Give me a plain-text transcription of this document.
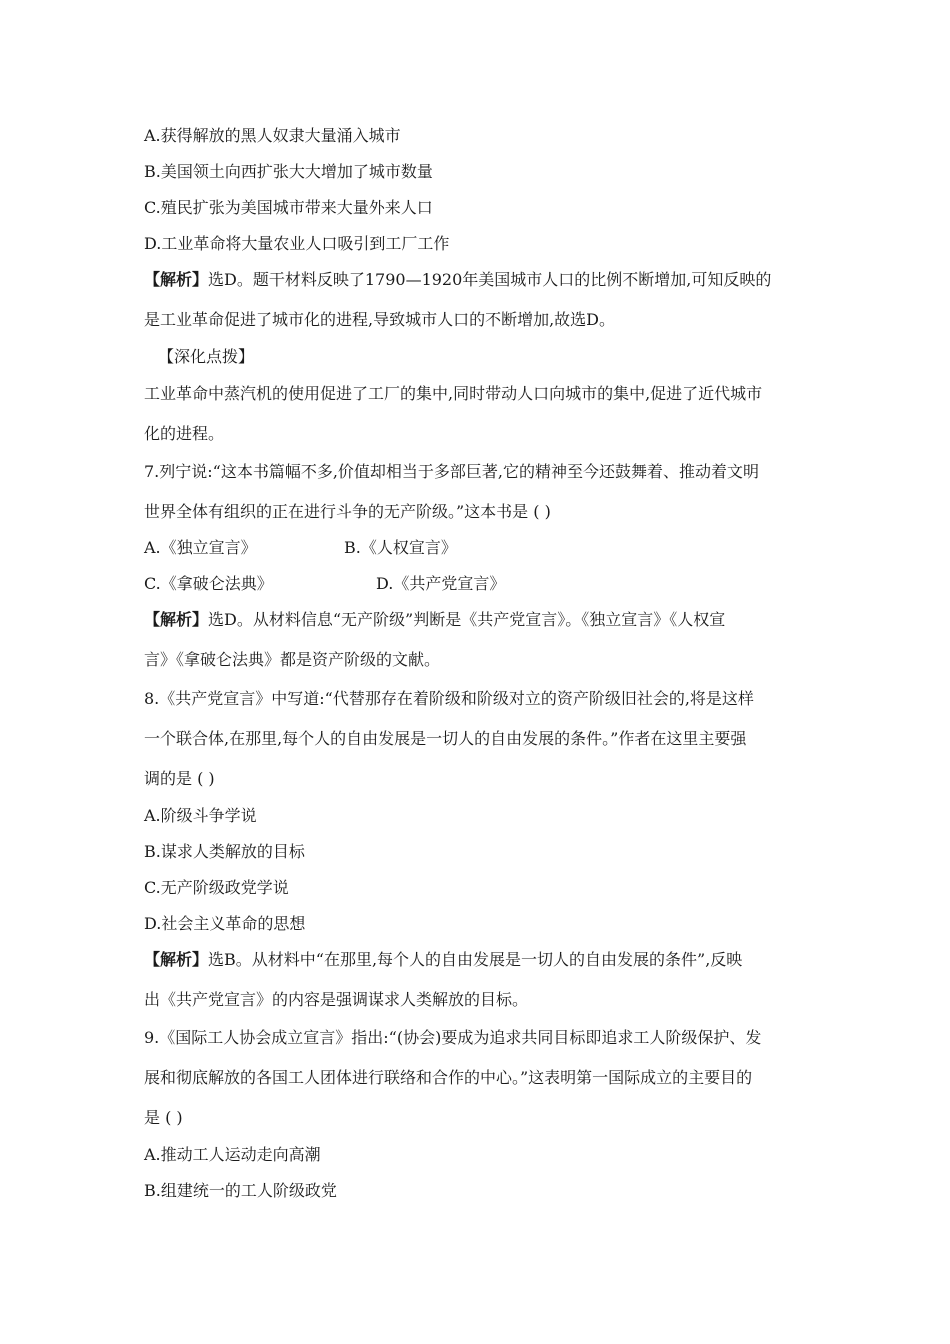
A.获得解放的黑人奴隶大量涌入城市
B.美国领土向西扩张大大增加了城市数量
C.殖民扩张为美国城市带来大量外来人口
D.工业革命将大量农业人口吸引到工厂工作
【解析】选D。题干材料反映了1790—1920年美国城市人口的比例不断增加,可知反映的
是工业革命促进了城市化的进程,导致城市人口的不断增加,故选D。
【深化点拨】
工业革命中蒸汽机的使用促进了工厂的集中,同时带动人口向城市的集中,促进了近代城市
化的进程。
7.列宁说:“这本书篇幅不多,价值却相当于多部巨著,它的精神至今还鼓舞着、推动着文明
世界全体有组织的正在进行斗争的无产阶级。”这本书是 ( )
A.《独立宣言》	B.《人权宣言》
C.《拿破仑法典》	D.《共产党宣言》
【解析】选D。从材料信息“无产阶级”判断是《共产党宣言》。《独立宣言》《人权宣
言》《拿破仑法典》都是资产阶级的文献。
8.《共产党宣言》中写道:“代替那存在着阶级和阶级对立的资产阶级旧社会的,将是这样
一个联合体,在那里,每个人的自由发展是一切人的自由发展的条件。”作者在这里主要强
调的是 ( )
A.阶级斗争学说
B.谋求人类解放的目标
C.无产阶级政党学说
D.社会主义革命的思想
【解析】选B。从材料中“在那里,每个人的自由发展是一切人的自由发展的条件”,反映
出《共产党宣言》的内容是强调谋求人类解放的目标。
9.《国际工人协会成立宣言》指出:“(协会)要成为追求共同目标即追求工人阶级保护、发
展和彻底解放的各国工人团体进行联络和合作的中心。”这表明第一国际成立的主要目的
是 ( )
A.推动工人运动走向高潮
B.组建统一的工人阶级政党
